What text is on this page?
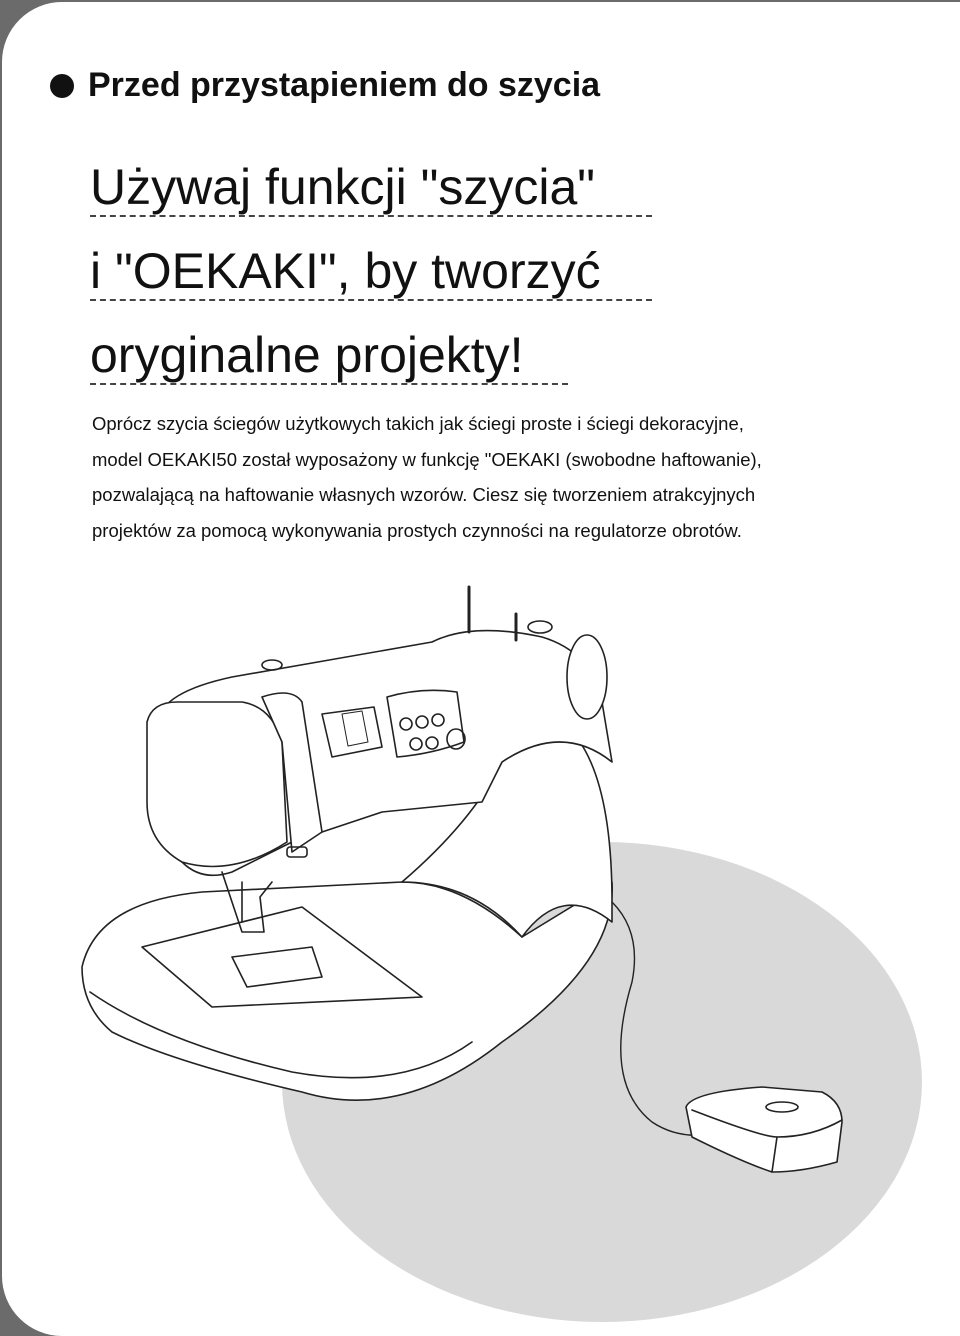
Przed przystapieniem do szycia
Używaj funkcji "szycia"
i "OEKAKI", by tworzyć
oryginalne projekty!

Oprócz szycia ściegów użytkowych takich jak ściegi proste i ściegi dekoracyjne,

model OEKAKI50 został wyposażony w funkcję "OEKAKI (swobodne haftowanie),

pozwalającą na haftowanie własnych wzorów. Ciesz się tworzeniem atrakcyjnych

projektów za pomocą wykonywania prostych czynności na regulatorze obrotów.
